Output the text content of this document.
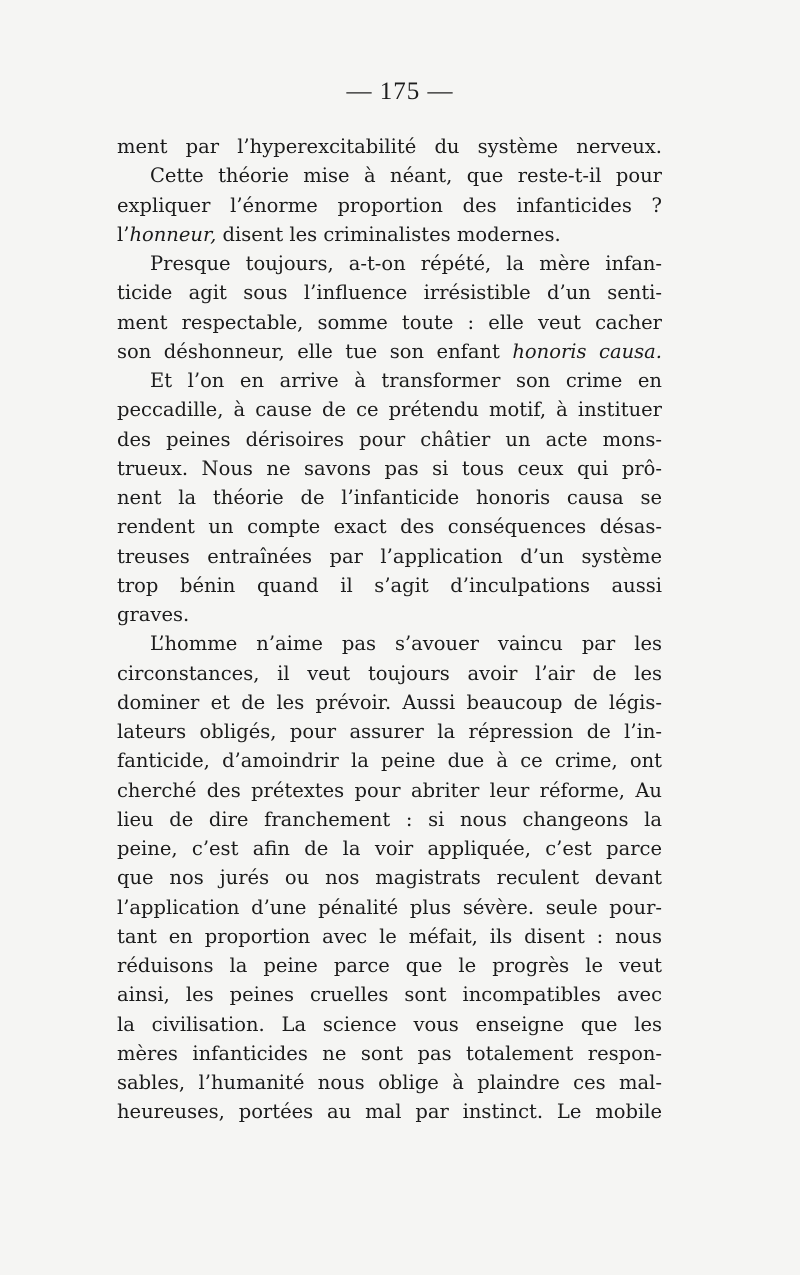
— 175 —
ment par l’hyperexcitabilité du système nerveux.
Cette théorie mise à néant, que reste-t-il pour
expliquer l’énorme proportion des infanticides ?
l’honneur, disent les criminalistes modernes.
Presque toujours, a-t-on répété, la mère infan-
ticide agit sous l’influence irrésistible d’un senti-
ment respectable, somme toute : elle veut cacher
son déshonneur, elle tue son enfant honoris causa.
Et l’on en arrive à transformer son crime en
peccadille, à cause de ce prétendu motif, à instituer
des peines dérisoires pour châtier un acte mons-
trueux. Nous ne savons pas si tous ceux qui prô-
nent la théorie de l’infanticide honoris causa se
rendent un compte exact des conséquences désas-
treuses entraînées par l’application d’un système
trop bénin quand il s’agit d’inculpations aussi
graves.
L’homme n’aime pas s’avouer vaincu par les
circonstances, il veut toujours avoir l’air de les
dominer et de les prévoir. Aussi beaucoup de légis-
lateurs obligés, pour assurer la répression de l’in-
fanticide, d’amoindrir la peine due à ce crime, ont
cherché des prétextes pour abriter leur réforme, Au
lieu de dire franchement : si nous changeons la
peine, c’est afin de la voir appliquée, c’est parce
que nos jurés ou nos magistrats reculent devant
l’application d’une pénalité plus sévère. seule pour-
tant en proportion avec le méfait, ils disent : nous
réduisons la peine parce que le progrès le veut
ainsi, les peines cruelles sont incompatibles avec
la civilisation. La science vous enseigne que les
mères infanticides ne sont pas totalement respon-
sables, l’humanité nous oblige à plaindre ces mal-
heureuses, portées au mal par instinct. Le mobile
